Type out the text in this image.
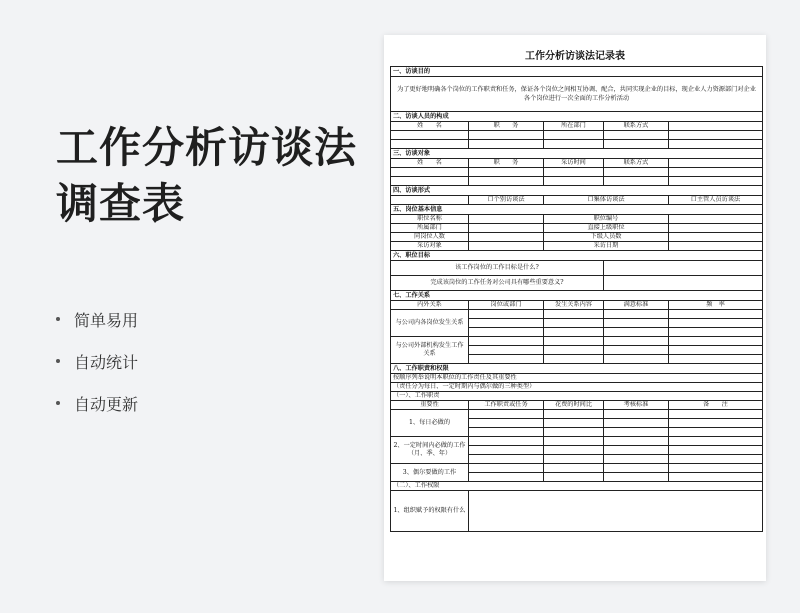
工作分析访谈法调查表
简单易用
自动统计
自动更新
工作分析访谈法记录表
一、访谈目的				
为了更好地明确各个岗位的工作职责和任务，保证各个岗位之间相互协调、配合，共同实现企业的目标，现企业人力资源部门对企业各个岗位进行一次全面的工作分析活动				
二、访谈人员的构成				
姓　　名	职　　务	所在部门	联系方式	

三、访谈对象				
姓　　名	职　　务	采访时间	联系方式	

四、访谈形式				
	口个别访谈法	口集体访谈法		口主管人员访谈法
五、岗位基本信息				
职位名称		职位编号		
所属部门		直接上级职位		
同岗位人数		下级人员数		
采访对象		采访日期		
六、职位目标				
该工作岗位的工作目标是什么?				
完成该岗位的工作任务对公司具有哪些重要意义?				
七、工作关系				
内外关系	岗位或部门	发生关系内容	满意标准	频　率
与公司内各岗位发生关系				

与公司外部机构发生工作关系				

八、工作职责和权限				
按顺序列举说明本职位的工作责任及其重要性				
（责任分为每日、一定时期内与偶尔做的三种类型）				
（一）、工作职责				
重要性	工作职责或任务	花费的时间比	考核标准	备　　注
1、每日必做的				

2、一定时间内必做的工作（月、季、年）				

3、偶尔要做的工作				

（二）、工作权限				
1、组织赋予的权限有什么				
